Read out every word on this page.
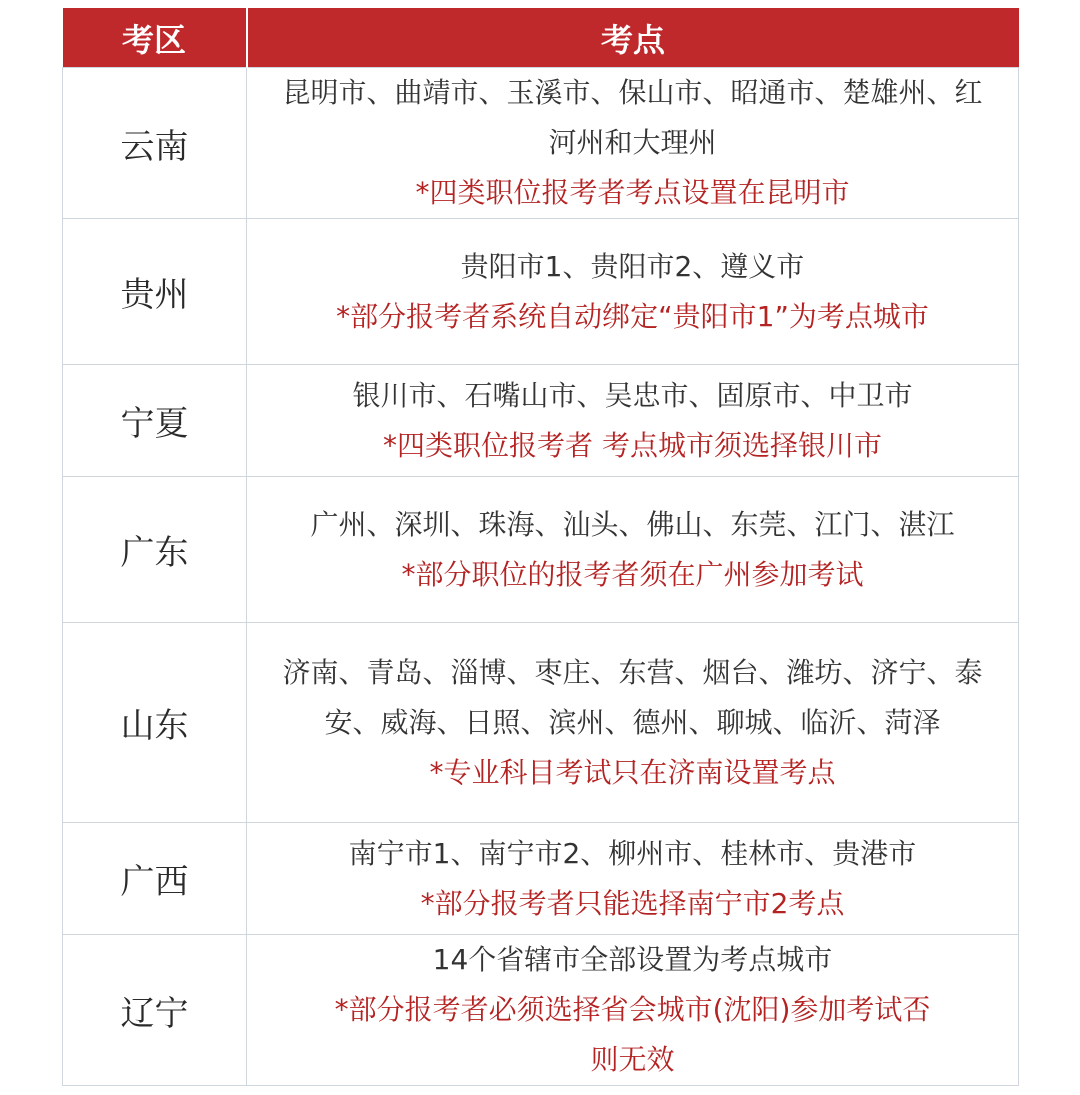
考区	考点
云南	昆明市、曲靖市、玉溪市、保山市、昭通市、楚雄州、红河州和大理州
*四类职位报考者考点设置在昆明市

贵州	贵阳市1、贵阳市2、遵义市
*部分报考者系统自动绑定“贵阳市1”为考点城市

宁夏	银川市、石嘴山市、吴忠市、固原市、中卫市
*四类职位报考者 考点城市须选择银川市

广东	广州、深圳、珠海、汕头、佛山、东莞、江门、湛江
*部分职位的报考者须在广州参加考试

山东	济南、青岛、淄博、枣庄、东营、烟台、潍坊、济宁、泰安、威海、日照、滨州、德州、聊城、临沂、菏泽
*专业科目考试只在济南设置考点

广西	南宁市1、南宁市2、柳州市、桂林市、贵港市
*部分报考者只能选择南宁市2考点

辽宁	14个省辖市全部设置为考点城市
*部分报考者必须选择省会城市(沈阳)参加考试否则无效
